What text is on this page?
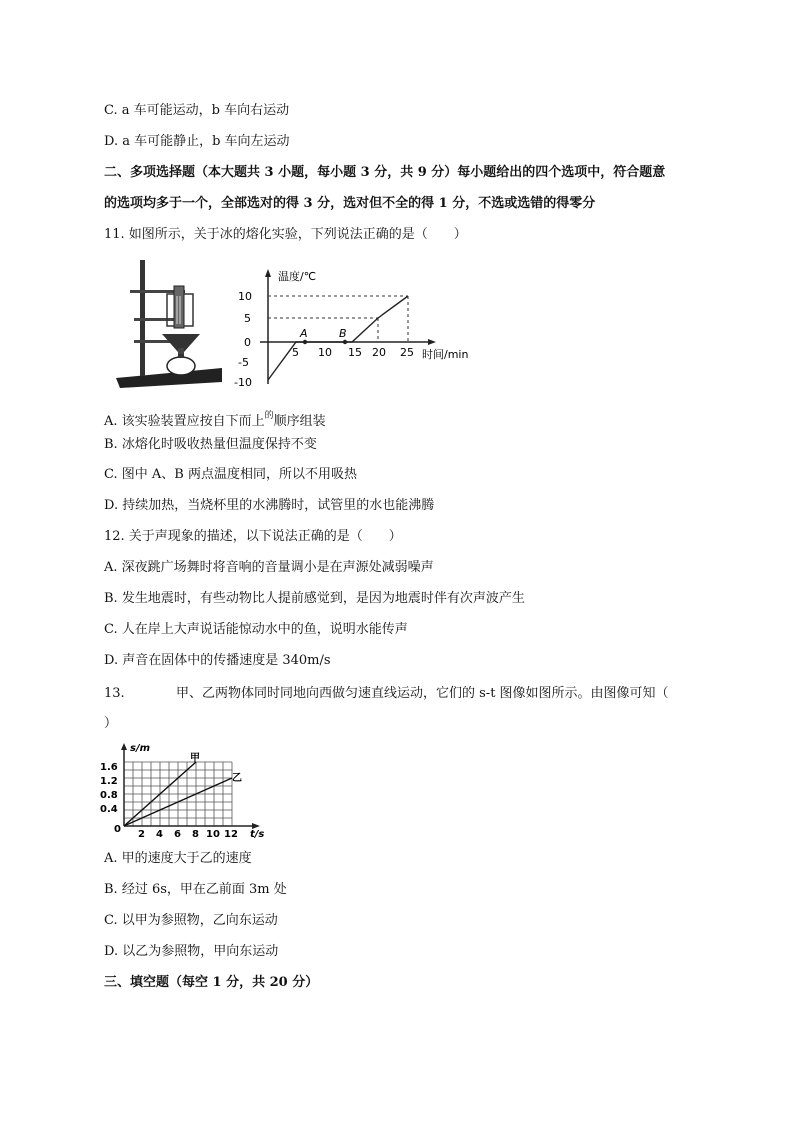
C. a 车可能运动，b 车向右运动
D. a 车可能静止，b 车向左运动
二、多项选择题（本大题共 3 小题，每小题 3 分，共 9 分）每小题给出的四个选项中，符合题意
的选项均多于一个，全部选对的得 3 分，选对但不全的得 1 分，不选或选错的得零分
11. 如图所示，关于冰的熔化实验，下列说法正确的是（　　）
温度/℃
10
5
0
-5
-10
5 10 15 20 25
A	B
时间/min
A. 该实验装置应按自下而上$^的$顺序组装
B. 冰熔化时吸收热量但温度保持不变
C. 图中 A、B 两点温度相同，所以不用吸热
D. 持续加热，当烧杯里的水沸腾时，试管里的水也能沸腾
12. 关于声现象的描述，以下说法正确的是（　　）
A. 深夜跳广场舞时将音响的音量调小是在声源处减弱噪声
B. 发生地震时，有些动物比人提前感觉到，是因为地震时伴有次声波产生
C. 人在岸上大声说话能惊动水中的鱼，说明水能传声
D. 声音在固体中的传播速度是 340m/s
13.	甲、乙两物体同时同地向西做匀速直线运动，它们的 s-t 图像如图所示。由图像可知（
）
s/m
1.6
1.2
0.8
0.4
0 2 4 6 8 10 12 t/s
甲
乙
A. 甲的速度大于乙的速度
B. 经过 6s，甲在乙前面 3m 处
C. 以甲为参照物，乙向东运动
D. 以乙为参照物，甲向东运动
三、填空题（每空 1 分，共 20 分）
